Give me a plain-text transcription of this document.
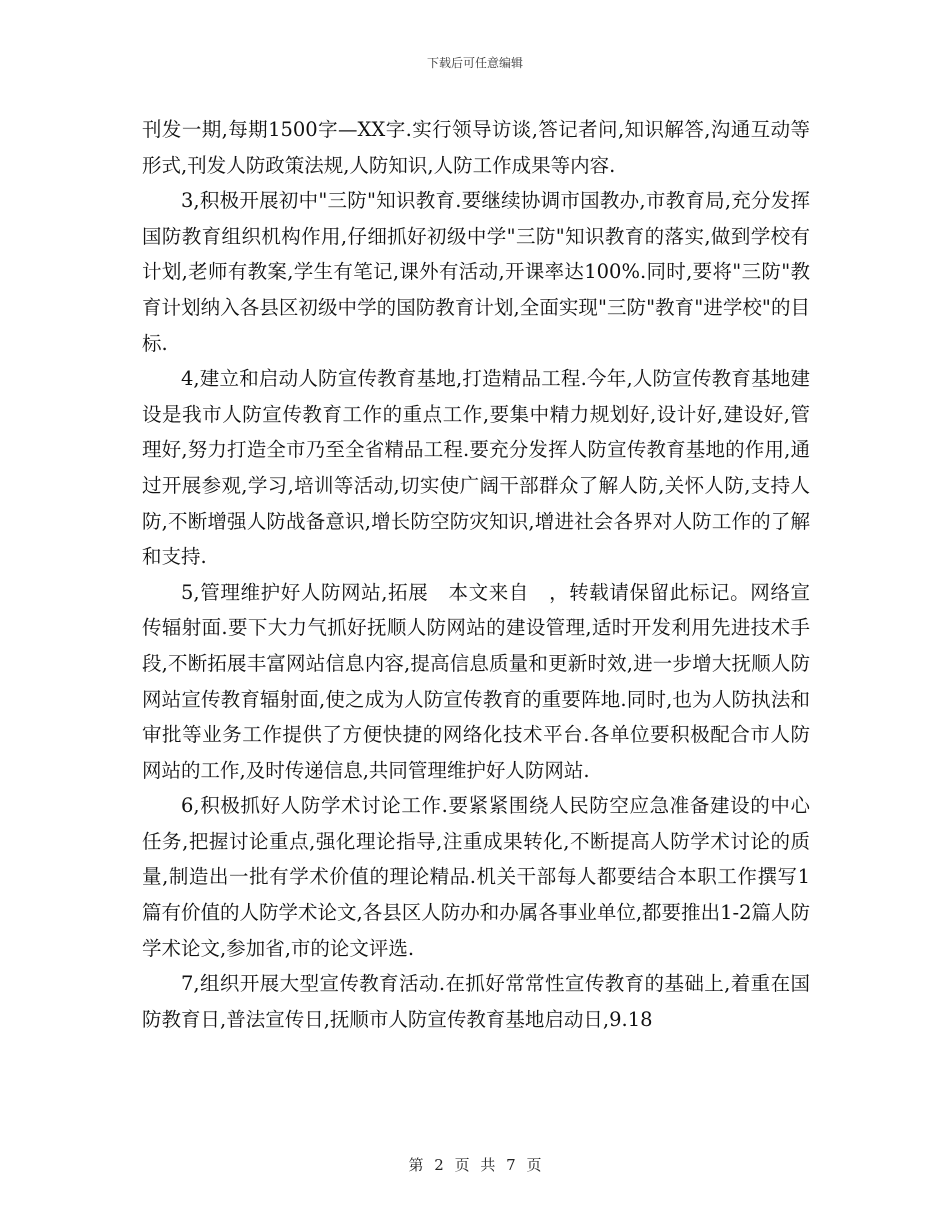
下载后可任意编辑

刊发一期,每期1500字—XX字.实行领导访谈,答记者问,知识解答,沟通互动等形式,刊发人防政策法规,人防知识,人防工作成果等内容.

3,积极开展初中"三防"知识教育.要继续协调市国教办,市教育局,充分发挥国防教育组织机构作用,仔细抓好初级中学"三防"知识教育的落实,做到学校有计划,老师有教案,学生有笔记,课外有活动,开课率达100%.同时,要将"三防"教育计划纳入各县区初级中学的国防教育计划,全面实现"三防"教育"进学校"的目标.

4,建立和启动人防宣传教育基地,打造精品工程.今年,人防宣传教育基地建设是我市人防宣传教育工作的重点工作,要集中精力规划好,设计好,建设好,管理好,努力打造全市乃至全省精品工程.要充分发挥人防宣传教育基地的作用,通过开展参观,学习,培训等活动,切实使广阔干部群众了解人防,关怀人防,支持人防,不断增强人防战备意识,增长防空防灾知识,增进社会各界对人防工作的了解和支持.

5,管理维护好人防网站,拓展　本文来自　，转载请保留此标记。网络宣传辐射面.要下大力气抓好抚顺人防网站的建设管理,适时开发利用先进技术手段,不断拓展丰富网站信息内容,提高信息质量和更新时效,进一步增大抚顺人防网站宣传教育辐射面,使之成为人防宣传教育的重要阵地.同时,也为人防执法和审批等业务工作提供了方便快捷的网络化技术平台.各单位要积极配合市人防网站的工作,及时传递信息,共同管理维护好人防网站.

6,积极抓好人防学术讨论工作.要紧紧围绕人民防空应急准备建设的中心任务,把握讨论重点,强化理论指导,注重成果转化,不断提高人防学术讨论的质量,制造出一批有学术价值的理论精品.机关干部每人都要结合本职工作撰写1篇有价值的人防学术论文,各县区人防办和办属各事业单位,都要推出1-2篇人防学术论文,参加省,市的论文评选.

7,组织开展大型宣传教育活动.在抓好常常性宣传教育的基础上,着重在国防教育日,普法宣传日,抚顺市人防宣传教育基地启动日,9.18

第 2 页 共 7 页
